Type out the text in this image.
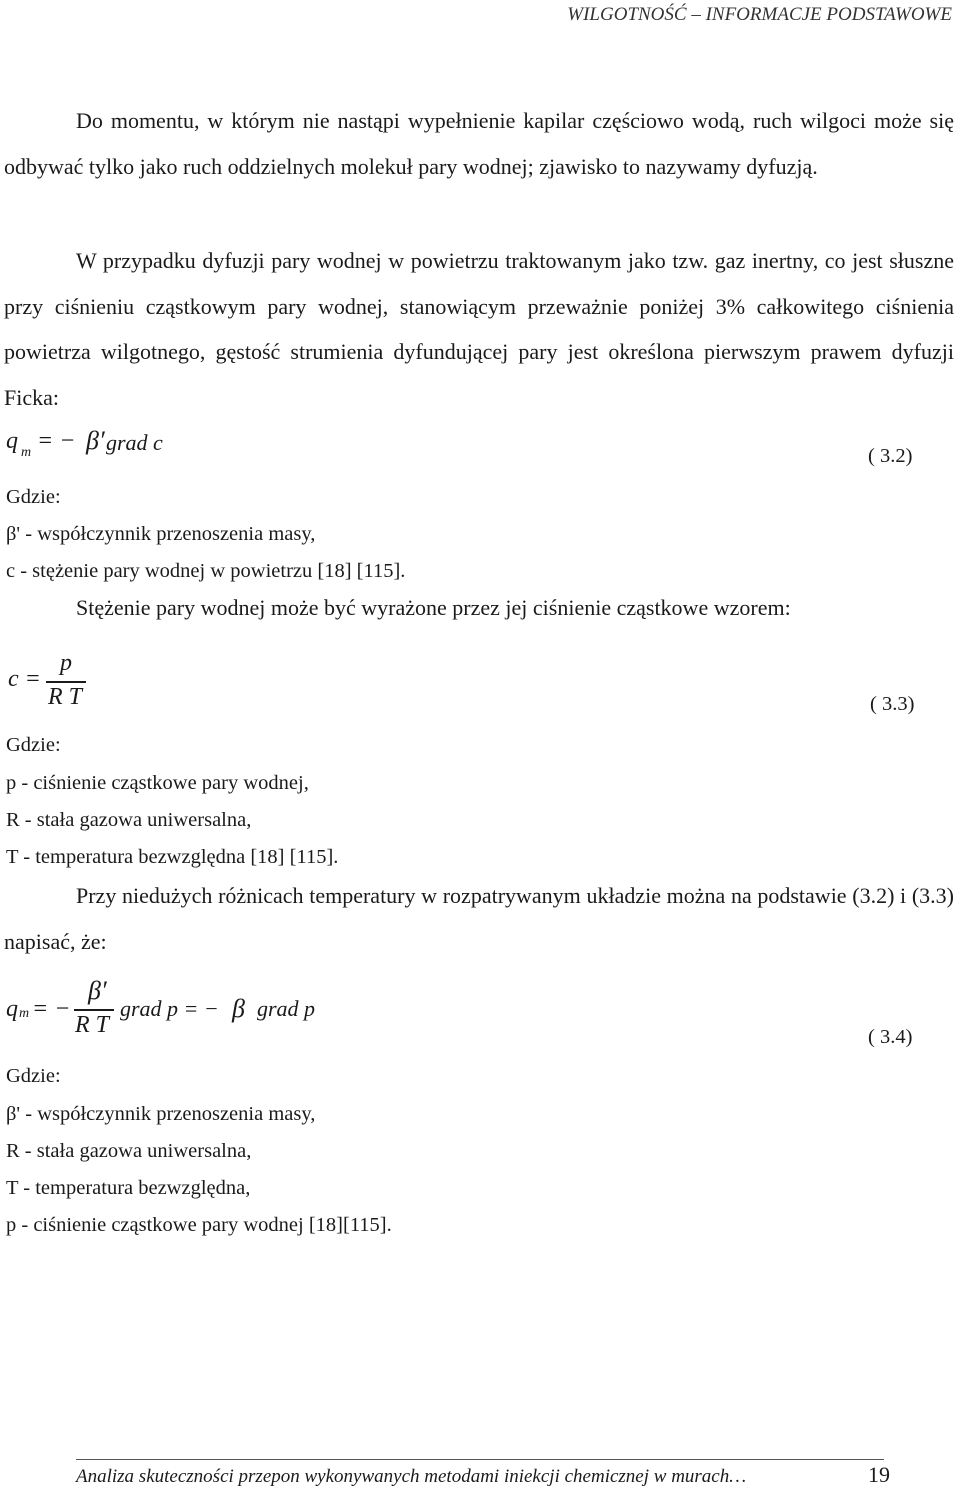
WILGOTNOŚĆ – INFORMACJE PODSTAWOWE

Do momentu, w którym nie nastąpi wypełnienie kapilar częściowo wodą, ruch wilgoci może się odbywać tylko jako ruch oddzielnych molekuł pary wodnej; zjawisko to nazywamy dyfuzją.

W przypadku dyfuzji pary wodnej w powietrzu traktowanym jako tzw. gaz inertny, co jest słuszne przy ciśnieniu cząstkowym pary wodnej, stanowiącym przeważnie poniżej 3% całkowitego ciśnienia powietrza wilgotnego, gęstość strumienia dyfundującej pary jest określona pierwszym prawem dyfuzji Ficka:

q m = − β′ grad c
( 3.2)
Gdzie:
β' - współczynnik przenoszenia masy,
c - stężenie pary wodnej w powietrzu [18] [115].
Stężenie pary wodnej może być wyrażone przez jej ciśnienie cząstkowe wzorem:
c =
p
R T	( 3.3)
Gdzie:
p - ciśnienie cząstkowe pary wodnej,
R - stała gazowa uniwersalna,
T - temperatura bezwzględna [18] [115].

Przy niedużych różnicach temperatury w rozpatrywanym układzie można na podstawie (3.2) i (3.3) napisać, że:

q m = −
β′
R T
grad p = − β grad p
( 3.4)
Gdzie:
β' - współczynnik przenoszenia masy,
R - stała gazowa uniwersalna,
T - temperatura bezwzględna,
p - ciśnienie cząstkowe pary wodnej [18][115].
Analiza skuteczności przepon wykonywanych metodami iniekcji chemicznej w murach…	19
